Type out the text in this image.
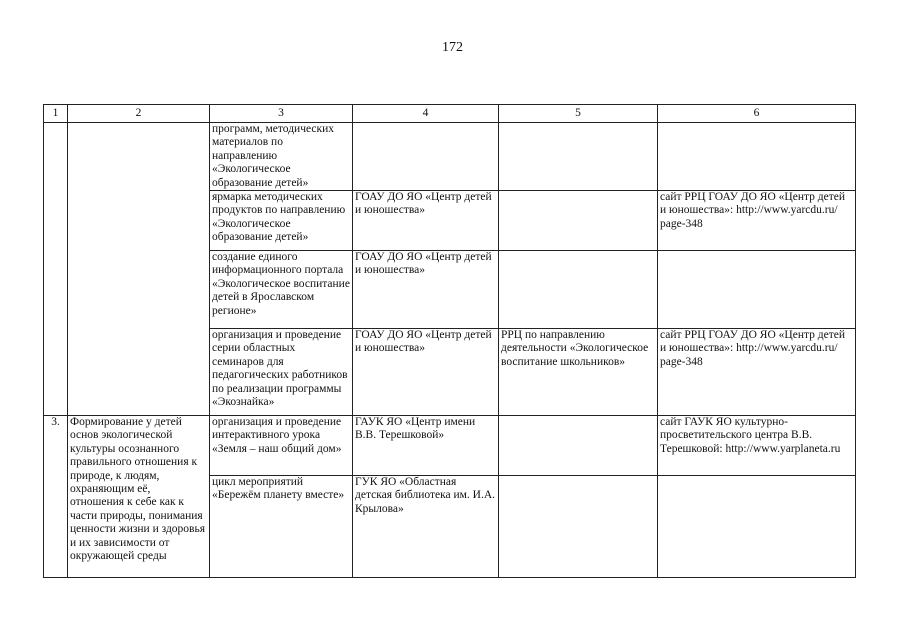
172
1	2	3	4	5	6
		программ, методических материалов по направлению «Экологическое образование детей»			
		ярмарка методических продуктов по направлению «Экологическое образование детей»	ГОАУ ДО ЯО «Центр детей и юношества»		сайт РРЦ ГОАУ ДО ЯО «Центр детей и юношества»: http://www.yarcdu.ru/ page-348
		создание единого информационного портала «Экологическое воспитание детей в Ярославском регионе»	ГОАУ ДО ЯО «Центр детей и юношества»		
		организация и проведение серии областных семинаров для педагогических работников по реализации программы «Экознайка»	ГОАУ ДО ЯО «Центр детей и юношества»	РРЦ по направлению деятельности «Экологическое воспитание школьников»	сайт РРЦ ГОАУ ДО ЯО «Центр детей и юношества»: http://www.yarcdu.ru/ page-348
3.	Формирование у детей основ экологической культуры осознанного правильного отношения к природе, к людям, охраняющим её, отношения к себе как к части природы, понимания ценности жизни и здоровья и их зависимости от окружающей среды	организация и проведение интерактивного урока «Земля – наш общий дом»	ГАУК ЯО «Центр имени В.В. Терешковой»		сайт ГАУК ЯО культурно-просветительского центра В.В. Терешковой: http://www.yarplaneta.ru
		цикл мероприятий «Бережём планету вместе»	ГУК ЯО «Областная детская библиотека им. И.А. Крылова»		
